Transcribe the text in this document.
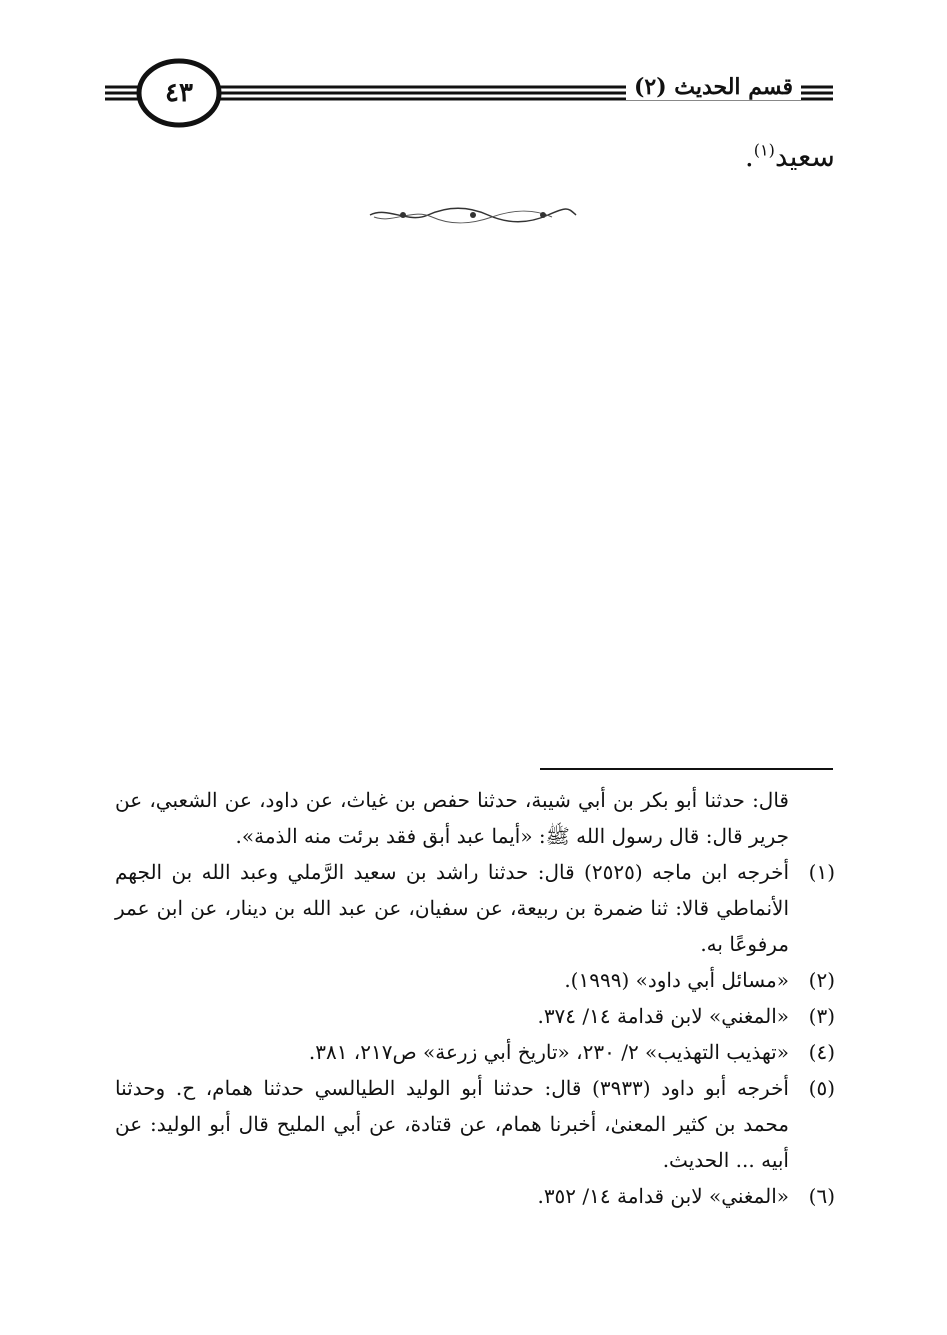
٤٣	قسم الحديث (٢)
سعيد$^{(١)}$.
قال: حدثنا أبو بكر بن أبي شيبة، حدثنا حفص بن غياث، عن داود، عن الشعبي، عن جرير قال: قال رسول الله ﷺ: «أيما عبد أبق فقد برئت منه الذمة».
(١)
أخرجه ابن ماجه (٢٥٢٥) قال: حدثنا راشد بن سعيد الرَّملي وعبد الله بن الجهم الأنماطي قالا: ثنا ضمرة بن ربيعة، عن سفيان، عن عبد الله بن دينار، عن ابن عمر مرفوعًا به.
(٢)
«مسائل أبي داود» (١٩٩٩).
(٣)
«المغني» لابن قدامة ١٤/ ٣٧٤.
(٤)
«تهذيب التهذيب» ٢/ ٢٣٠، «تاريخ أبي زرعة» ص٢١٧، ٣٨١.
(٥)
أخرجه أبو داود (٣٩٣٣) قال: حدثنا أبو الوليد الطيالسي حدثنا همام، ح. وحدثنا محمد بن كثير المعنىٰ، أخبرنا همام، عن قتادة، عن أبي المليح قال أبو الوليد: عن أبيه ... الحديث.
(٦)
«المغني» لابن قدامة ١٤/ ٣٥٢.
